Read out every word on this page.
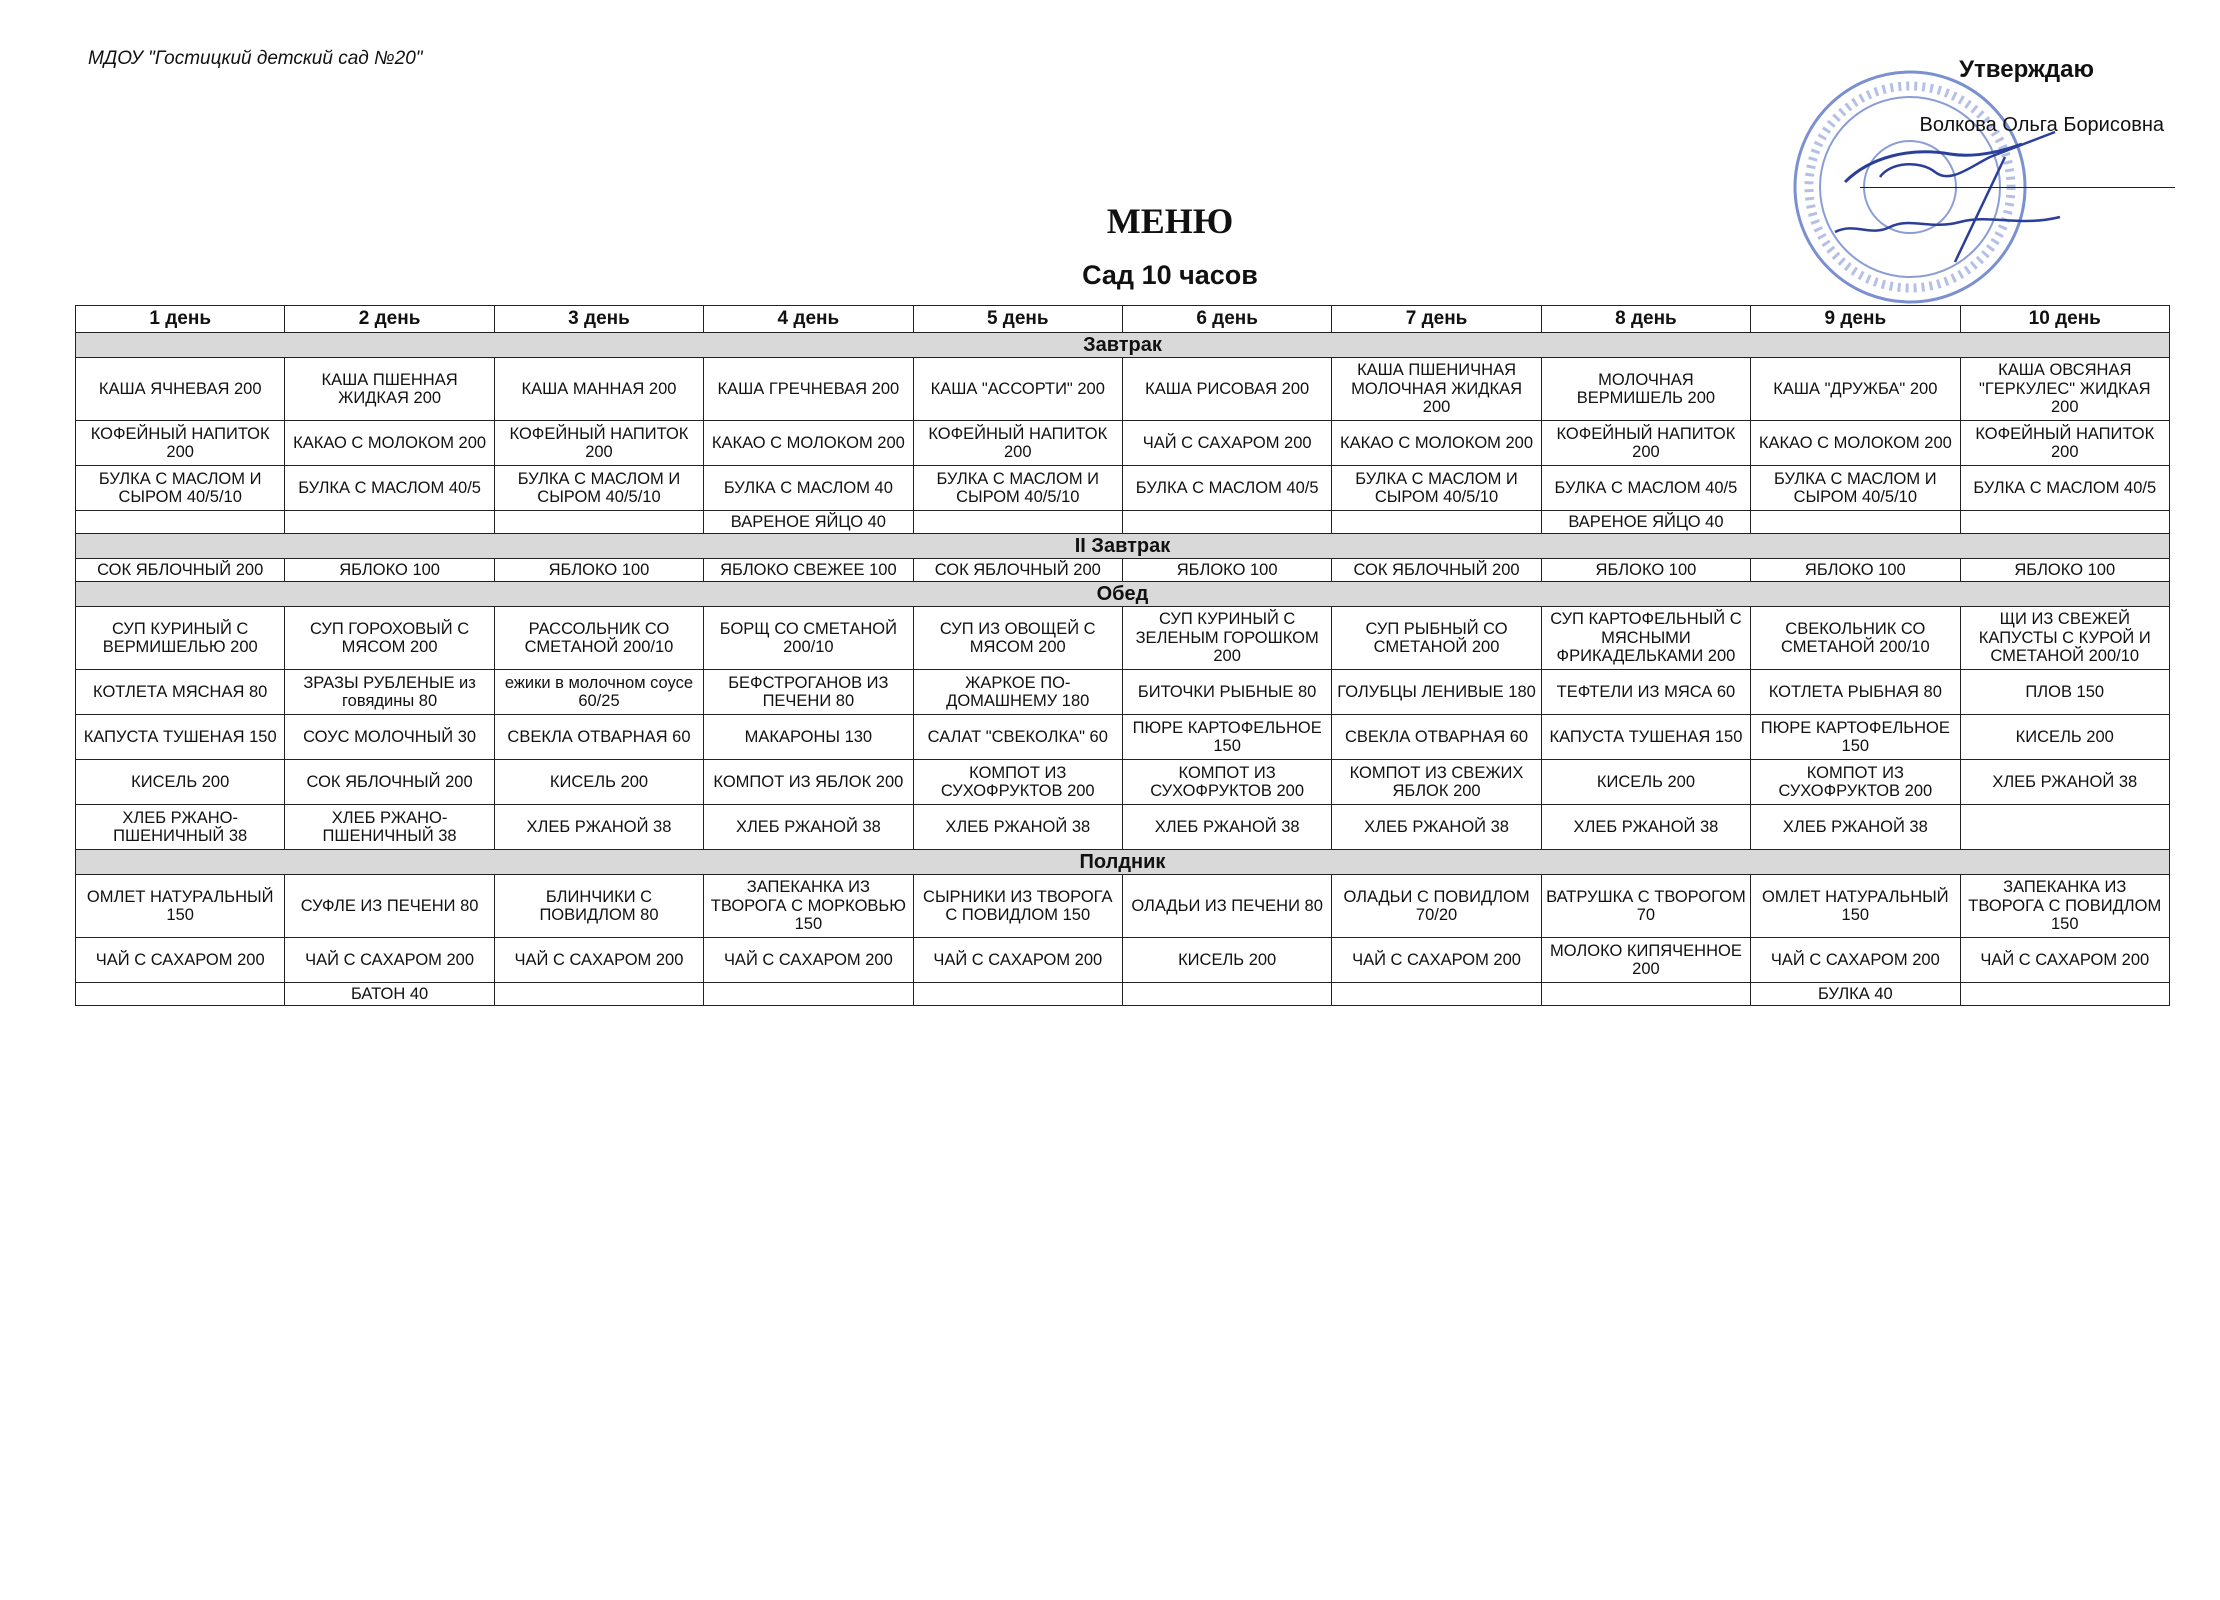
МДОУ "Гостицкий детский сад №20"	Утверждаю
Волкова Ольга Борисовна
МЕНЮ
Сад 10 часов
1 день	2 день	3 день	4 день	5 день	6 день	7 день	8 день	9 день	10 день
Завтрак									
КАША ЯЧНЕВАЯ 200	КАША ПШЕННАЯ ЖИДКАЯ 200	КАША МАННАЯ 200	КАША ГРЕЧНЕВАЯ 200	КАША "АССОРТИ" 200	КАША РИСОВАЯ 200	КАША ПШЕНИЧНАЯ МОЛОЧНАЯ ЖИДКАЯ 200	МОЛОЧНАЯ ВЕРМИШЕЛЬ 200	КАША "ДРУЖБА" 200	КАША ОВСЯНАЯ "ГЕРКУЛЕС" ЖИДКАЯ 200
КОФЕЙНЫЙ НАПИТОК 200	КАКАО С МОЛОКОМ 200	КОФЕЙНЫЙ НАПИТОК 200	КАКАО С МОЛОКОМ 200	КОФЕЙНЫЙ НАПИТОК 200	ЧАЙ С САХАРОМ 200	КАКАО С МОЛОКОМ 200	КОФЕЙНЫЙ НАПИТОК 200	КАКАО С МОЛОКОМ 200	КОФЕЙНЫЙ НАПИТОК 200
БУЛКА С МАСЛОМ И СЫРОМ 40/5/10	БУЛКА С МАСЛОМ 40/5	БУЛКА С МАСЛОМ И СЫРОМ 40/5/10	БУЛКА С МАСЛОМ 40	БУЛКА С МАСЛОМ И СЫРОМ 40/5/10	БУЛКА С МАСЛОМ 40/5	БУЛКА С МАСЛОМ И СЫРОМ 40/5/10	БУЛКА С МАСЛОМ 40/5	БУЛКА С МАСЛОМ И СЫРОМ 40/5/10	БУЛКА С МАСЛОМ 40/5
			ВАРЕНОЕ ЯЙЦО 40				ВАРЕНОЕ ЯЙЦО 40		
II Завтрак									
СОК ЯБЛОЧНЫЙ 200	ЯБЛОКО 100	ЯБЛОКО 100	ЯБЛОКО СВЕЖЕЕ 100	СОК ЯБЛОЧНЫЙ 200	ЯБЛОКО 100	СОК ЯБЛОЧНЫЙ 200	ЯБЛОКО 100	ЯБЛОКО 100	ЯБЛОКО 100
Обед									
СУП КУРИНЫЙ С ВЕРМИШЕЛЬЮ 200	СУП ГОРОХОВЫЙ С МЯСОМ 200	РАССОЛЬНИК СО СМЕТАНОЙ 200/10	БОРЩ СО СМЕТАНОЙ 200/10	СУП ИЗ ОВОЩЕЙ С МЯСОМ 200	СУП КУРИНЫЙ С ЗЕЛЕНЫМ ГОРОШКОМ 200	СУП РЫБНЫЙ СО СМЕТАНОЙ 200	СУП КАРТОФЕЛЬНЫЙ С МЯСНЫМИ ФРИКАДЕЛЬКАМИ 200	СВЕКОЛЬНИК СО СМЕТАНОЙ 200/10	ЩИ ИЗ СВЕЖЕЙ КАПУСТЫ С КУРОЙ И СМЕТАНОЙ 200/10
КОТЛЕТА МЯСНАЯ 80	ЗРАЗЫ РУБЛЕНЫЕ из говядины 80	ежики в молочном соусе 60/25	БЕФСТРОГАНОВ ИЗ ПЕЧЕНИ 80	ЖАРКОЕ ПО-ДОМАШНЕМУ 180	БИТОЧКИ РЫБНЫЕ 80	ГОЛУБЦЫ ЛЕНИВЫЕ 180	ТЕФТЕЛИ ИЗ МЯСА 60	КОТЛЕТА РЫБНАЯ 80	ПЛОВ 150
КАПУСТА ТУШЕНАЯ 150	СОУС МОЛОЧНЫЙ 30	СВЕКЛА ОТВАРНАЯ 60	МАКАРОНЫ 130	САЛАТ "СВЕКОЛКА" 60	ПЮРЕ КАРТОФЕЛЬНОЕ 150	СВЕКЛА ОТВАРНАЯ 60	КАПУСТА ТУШЕНАЯ 150	ПЮРЕ КАРТОФЕЛЬНОЕ 150	КИСЕЛЬ 200
КИСЕЛЬ 200	СОК ЯБЛОЧНЫЙ 200	КИСЕЛЬ 200	КОМПОТ ИЗ ЯБЛОК 200	КОМПОТ ИЗ СУХОФРУКТОВ 200	КОМПОТ ИЗ СУХОФРУКТОВ 200	КОМПОТ ИЗ СВЕЖИХ ЯБЛОК 200	КИСЕЛЬ 200	КОМПОТ ИЗ СУХОФРУКТОВ 200	ХЛЕБ РЖАНОЙ 38
ХЛЕБ РЖАНО-ПШЕНИЧНЫЙ 38	ХЛЕБ РЖАНО-ПШЕНИЧНЫЙ 38	ХЛЕБ РЖАНОЙ 38	ХЛЕБ РЖАНОЙ 38	ХЛЕБ РЖАНОЙ 38	ХЛЕБ РЖАНОЙ 38	ХЛЕБ РЖАНОЙ 38	ХЛЕБ РЖАНОЙ 38	ХЛЕБ РЖАНОЙ 38	
Полдник									
ОМЛЕТ НАТУРАЛЬНЫЙ 150	СУФЛЕ ИЗ ПЕЧЕНИ 80	БЛИНЧИКИ С ПОВИДЛОМ 80	ЗАПЕКАНКА ИЗ ТВОРОГА С МОРКОВЬЮ 150	СЫРНИКИ ИЗ ТВОРОГА С ПОВИДЛОМ 150	ОЛАДЬИ ИЗ ПЕЧЕНИ 80	ОЛАДЬИ С ПОВИДЛОМ 70/20	ВАТРУШКА С ТВОРОГОМ 70	ОМЛЕТ НАТУРАЛЬНЫЙ 150	ЗАПЕКАНКА ИЗ ТВОРОГА С ПОВИДЛОМ 150
ЧАЙ С САХАРОМ 200	ЧАЙ С САХАРОМ 200	ЧАЙ С САХАРОМ 200	ЧАЙ С САХАРОМ 200	ЧАЙ С САХАРОМ 200	КИСЕЛЬ 200	ЧАЙ С САХАРОМ 200	МОЛОКО КИПЯЧЕННОЕ 200	ЧАЙ С САХАРОМ 200	ЧАЙ С САХАРОМ 200
	БАТОН 40							БУЛКА 40	
